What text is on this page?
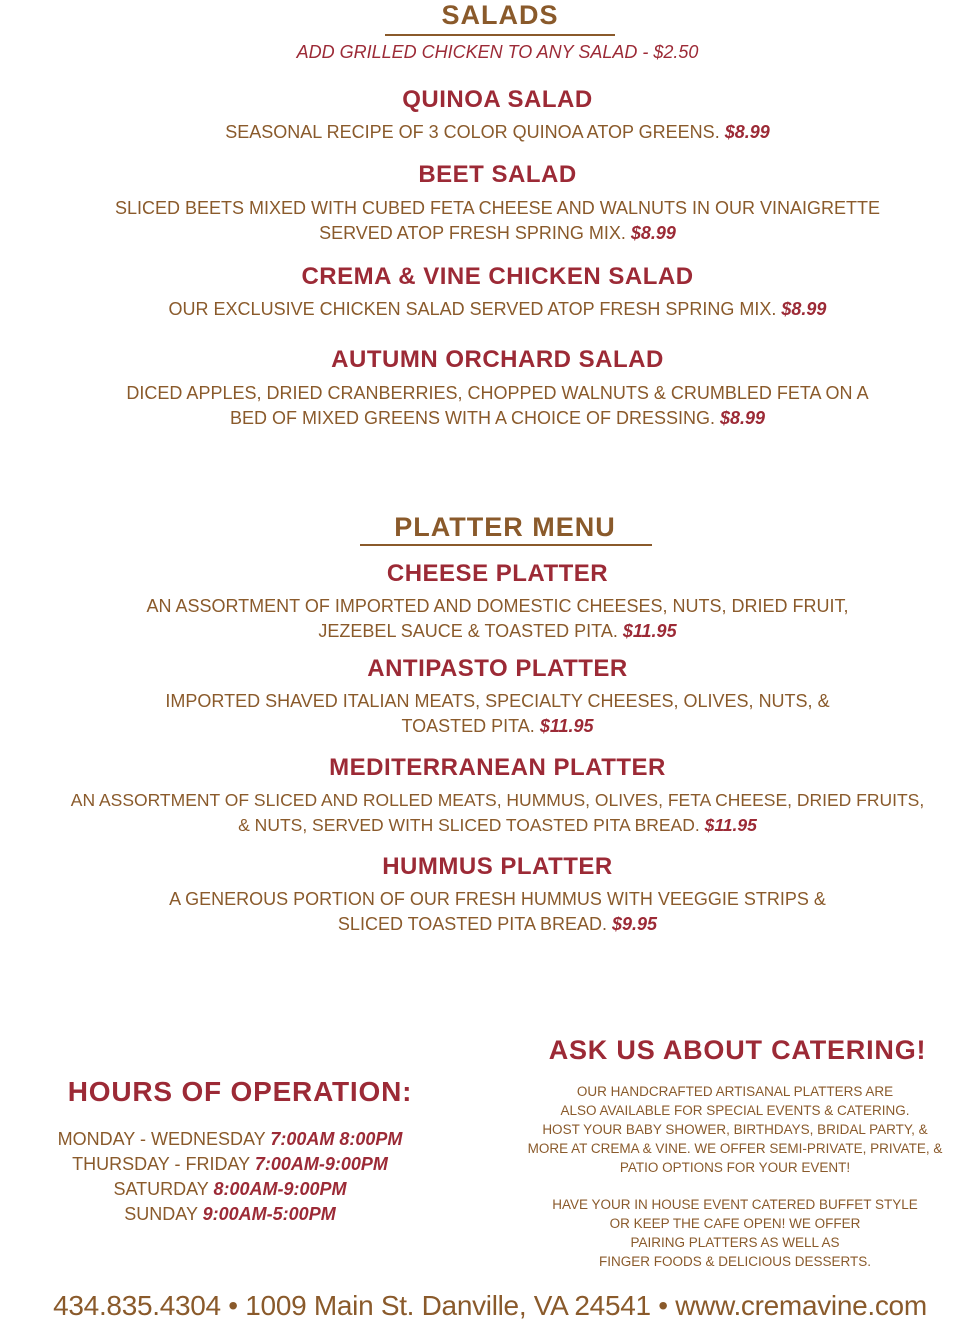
SALADS
ADD GRILLED CHICKEN TO ANY SALAD - $2.50
QUINOA SALAD
SEASONAL RECIPE OF 3 COLOR QUINOA ATOP GREENS. $8.99
BEET SALAD
SLICED BEETS MIXED WITH CUBED FETA CHEESE AND WALNUTS IN OUR VINAIGRETTE
SERVED ATOP FRESH SPRING MIX. $8.99
CREMA & VINE CHICKEN SALAD
OUR EXCLUSIVE CHICKEN SALAD SERVED ATOP FRESH SPRING MIX. $8.99
AUTUMN ORCHARD SALAD
DICED APPLES, DRIED CRANBERRIES, CHOPPED WALNUTS & CRUMBLED FETA ON A
BED OF MIXED GREENS WITH A CHOICE OF DRESSING. $8.99
PLATTER MENU
CHEESE PLATTER
AN ASSORTMENT OF IMPORTED AND DOMESTIC CHEESES, NUTS, DRIED FRUIT,
JEZEBEL SAUCE & TOASTED PITA. $11.95
ANTIPASTO PLATTER
IMPORTED SHAVED ITALIAN MEATS, SPECIALTY CHEESES, OLIVES, NUTS, &
TOASTED PITA. $11.95
MEDITERRANEAN PLATTER
AN ASSORTMENT OF SLICED AND ROLLED MEATS, HUMMUS, OLIVES, FETA CHEESE, DRIED FRUITS,
& NUTS, SERVED WITH SLICED TOASTED PITA BREAD. $11.95
HUMMUS PLATTER
A GENEROUS PORTION OF OUR FRESH HUMMUS WITH VEEGGIE STRIPS &
SLICED TOASTED PITA BREAD. $9.95
HOURS OF OPERATION:
MONDAY - WEDNESDAY 7:00AM 8:00PM
THURSDAY - FRIDAY 7:00AM-9:00PM
SATURDAY 8:00AM-9:00PM
SUNDAY 9:00AM-5:00PM
ASK US ABOUT CATERING!
OUR HANDCRAFTED ARTISANAL PLATTERS ARE
ALSO AVAILABLE FOR SPECIAL EVENTS & CATERING.
HOST YOUR BABY SHOWER, BIRTHDAYS, BRIDAL PARTY, &
MORE AT CREMA & VINE. WE OFFER SEMI-PRIVATE, PRIVATE, &
PATIO OPTIONS FOR YOUR EVENT!
HAVE YOUR IN HOUSE EVENT CATERED BUFFET STYLE
OR KEEP THE CAFE OPEN! WE OFFER
PAIRING PLATTERS AS WELL AS
FINGER FOODS & DELICIOUS DESSERTS.
434.835.4304 • 1009 Main St. Danville, VA 24541 • www.cremavine.com
